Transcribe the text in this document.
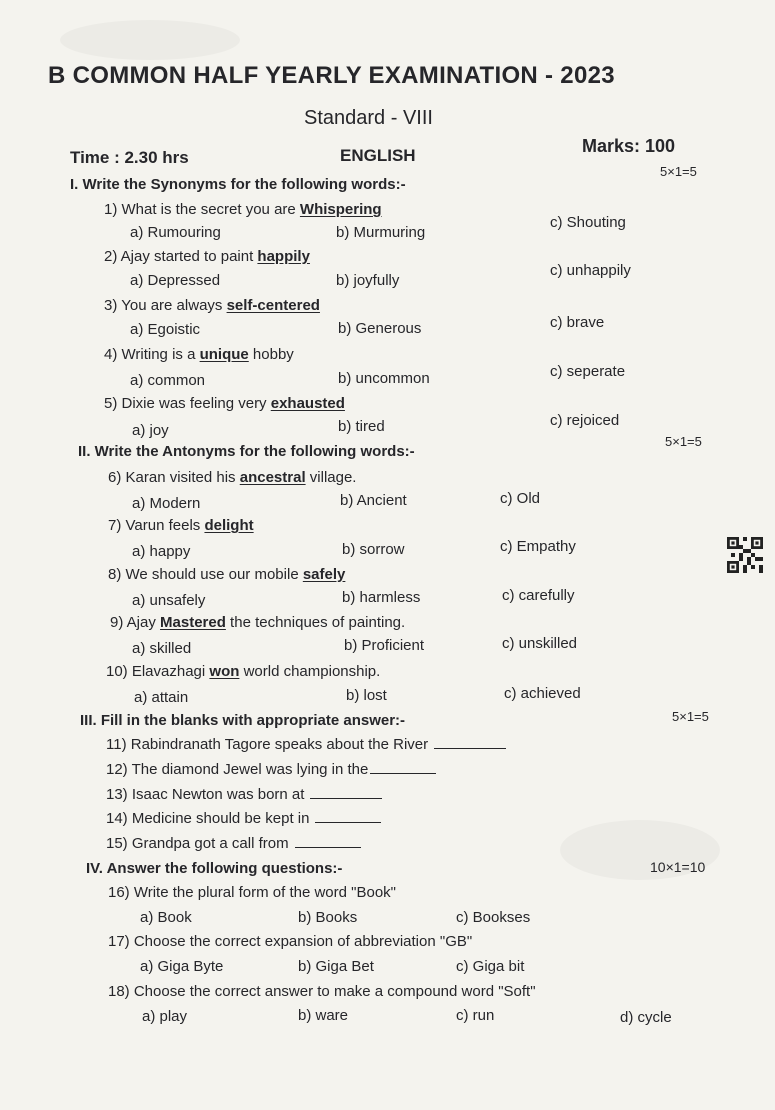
B COMMON HALF YEARLY EXAMINATION - 2023
Standard - VIII
Time : 2.30 hrs	ENGLISH	Marks: 100
I. Write the Synonyms for the following words:-
5×1=5
1) What is the secret you are Whispering
a) Rumouring	b) Murmuring
c) Shouting
2) Ajay started to paint happily
a) Depressed	b) joyfully
c) unhappily
3) You are always self-centered
a) Egoistic	b) Generous	c) brave
4) Writing is a unique hobby
a) common	b) uncommon	c) seperate
5) Dixie was feeling very exhausted
a) joy	b) tired	c) rejoiced
II. Write the Antonyms for the following words:-
5×1=5
6) Karan visited his ancestral village.
a) Modern	b) Ancient	c) Old
7) Varun feels delight
a) happy	b) sorrow	c) Empathy
8) We should use our mobile safely
a) unsafely	b) harmless	c) carefully
9) Ajay Mastered the techniques of painting.
a) skilled	b) Proficient	c) unskilled
10) Elavazhagi won world championship.
a) attain	b) lost	c) achieved
III. Fill in the blanks with appropriate answer:-	5×1=5
11) Rabindranath Tagore speaks about the River
12) The diamond Jewel was lying in the
13) Isaac Newton was born at
14) Medicine should be kept in
15) Grandpa got a call from
IV. Answer the following questions:-	10×1=10
16) Write the plural form of the word "Book"
a) Book	b) Books	c) Booksеs
17) Choose the correct expansion of abbreviation "GB"
a) Giga Byte	b) Giga Bet	c) Giga bit
18) Choose the correct answer to make a compound word "Soft"
a) play	b) ware	c) run	d) cycle
